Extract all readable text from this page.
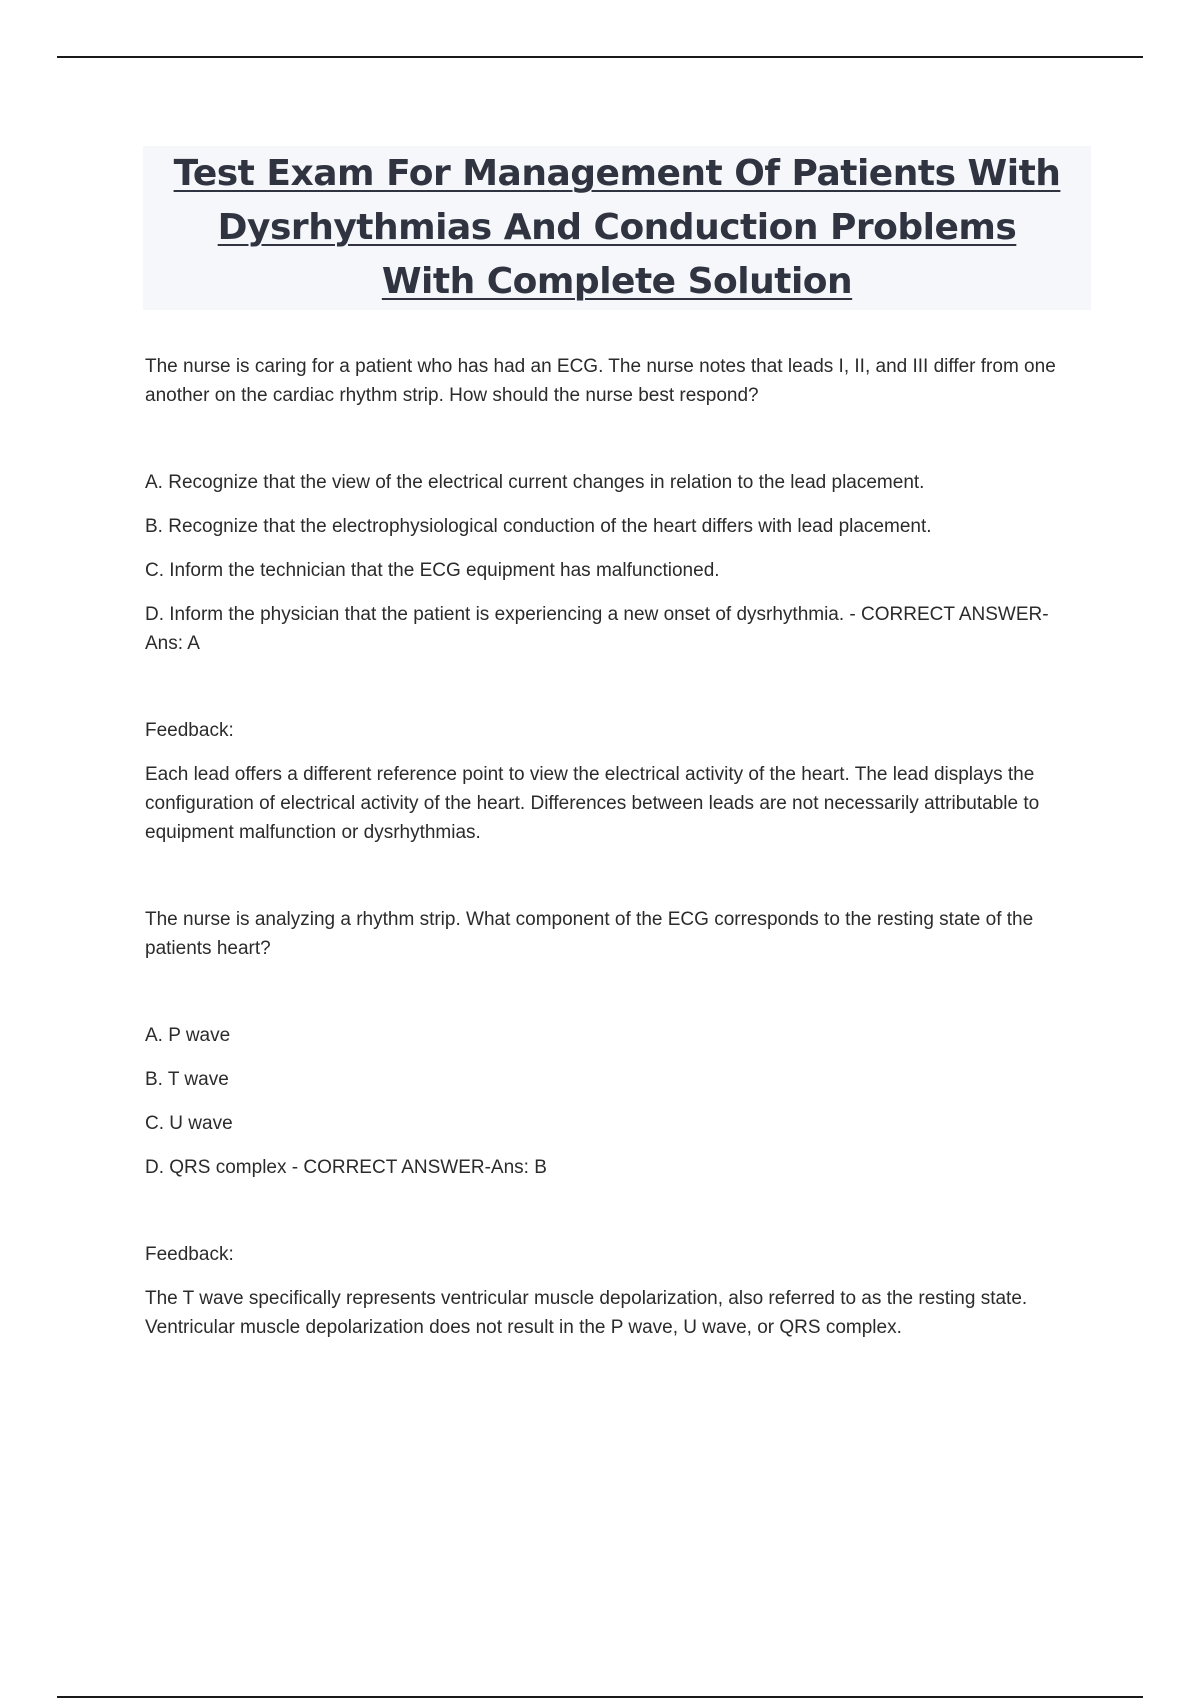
Test Exam For Management Of Patients With Dysrhythmias And Conduction Problems With Complete Solution

The nurse is caring for a patient who has had an ECG. The nurse notes that leads I, II, and III differ from one another on the cardiac rhythm strip. How should the nurse best respond?

A. Recognize that the view of the electrical current changes in relation to the lead placement.

B. Recognize that the electrophysiological conduction of the heart differs with lead placement.

C. Inform the technician that the ECG equipment has malfunctioned.

D. Inform the physician that the patient is experiencing a new onset of dysrhythmia. - CORRECT ANSWER-Ans: A

Feedback:

Each lead offers a different reference point to view the electrical activity of the heart. The lead displays the configuration of electrical activity of the heart. Differences between leads are not necessarily attributable to equipment malfunction or dysrhythmias.

The nurse is analyzing a rhythm strip. What component of the ECG corresponds to the resting state of the patients heart?

A. P wave

B. T wave

C. U wave

D. QRS complex - CORRECT ANSWER-Ans: B

Feedback:

The T wave specifically represents ventricular muscle depolarization, also referred to as the resting state. Ventricular muscle depolarization does not result in the P wave, U wave, or QRS complex.
